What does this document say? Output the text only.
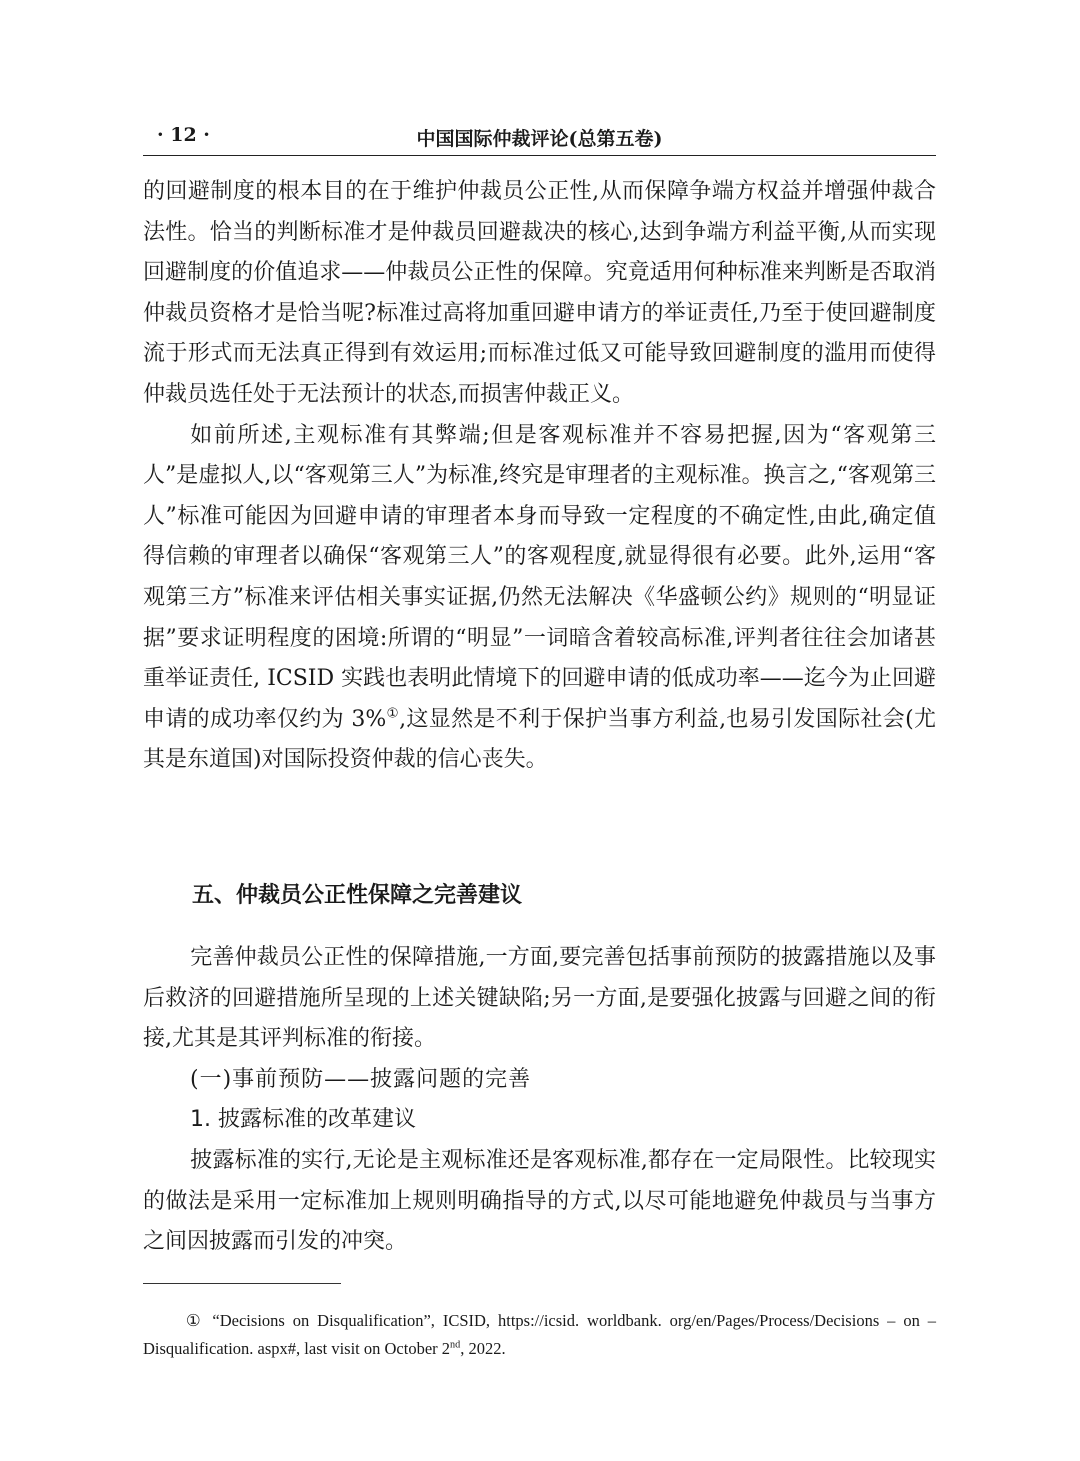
· 12 ·	中国国际仲裁评论(总第五卷)

的回避制度的根本目的在于维护仲裁员公正性,从而保障争端方权益并增强仲裁合法性。恰当的判断标准才是仲裁员回避裁决的核心,达到争端方利益平衡,从而实现回避制度的价值追求——仲裁员公正性的保障。究竟适用何种标准来判断是否取消仲裁员资格才是恰当呢?标准过高将加重回避申请方的举证责任,乃至于使回避制度流于形式而无法真正得到有效运用;而标准过低又可能导致回避制度的滥用而使得仲裁员选任处于无法预计的状态,而损害仲裁正义。

如前所述,主观标准有其弊端;但是客观标准并不容易把握,因为“客观第三人”是虚拟人,以“客观第三人”为标准,终究是审理者的主观标准。换言之,“客观第三人”标准可能因为回避申请的审理者本身而导致一定程度的不确定性,由此,确定值得信赖的审理者以确保“客观第三人”的客观程度,就显得很有必要。此外,运用“客观第三方”标准来评估相关事实证据,仍然无法解决《华盛顿公约》规则的“明显证据”要求证明程度的困境:所谓的“明显”一词暗含着较高标准,评判者往往会加诸甚重举证责任, ICSID 实践也表明此情境下的回避申请的低成功率——迄今为止回避申请的成功率仅约为 3%①,这显然是不利于保护当事方利益,也易引发国际社会(尤其是东道国)对国际投资仲裁的信心丧失。

五、仲裁员公正性保障之完善建议

完善仲裁员公正性的保障措施,一方面,要完善包括事前预防的披露措施以及事后救济的回避措施所呈现的上述关键缺陷;另一方面,是要强化披露与回避之间的衔接,尤其是其评判标准的衔接。

(一)事前预防——披露问题的完善

1. 披露标准的改革建议

披露标准的实行,无论是主观标准还是客观标准,都存在一定局限性。比较现实的做法是采用一定标准加上规则明确指导的方式,以尽可能地避免仲裁员与当事方之间因披露而引发的冲突。

① “Decisions on Disqualification”, ICSID, https://icsid. worldbank. org/en/Pages/Process/Decisions – on – Disqualification. aspx#, last visit on October 2nd, 2022.
